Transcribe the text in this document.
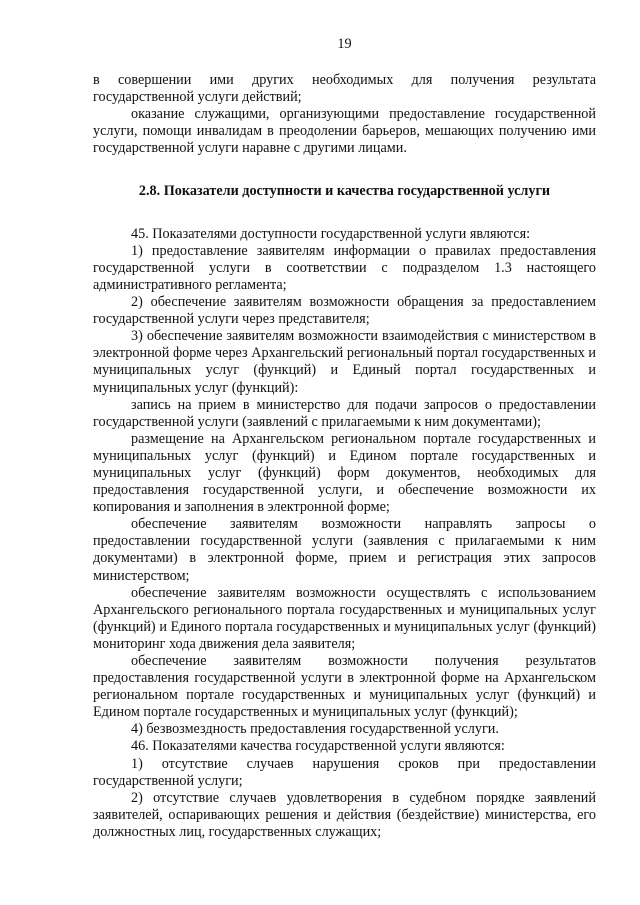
19

в совершении ими других необходимых для получения результата государственной услуги действий;

оказание служащими, организующими предоставление государственной услуги, помощи инвалидам в преодолении барьеров, мешающих получению ими государственной услуги наравне с другими лицами.

2.8. Показатели доступности и качества государственной услуги

45. Показателями доступности государственной услуги являются:

1) предоставление заявителям информации о правилах предоставления государственной услуги в соответствии с подразделом 1.3 настоящего административного регламента;

2) обеспечение заявителям возможности обращения за предоставлением государственной услуги через представителя;

3) обеспечение заявителям возможности взаимодействия с министерством в электронной форме через Архангельский региональный портал государственных и муниципальных услуг (функций) и Единый портал государственных и муниципальных услуг (функций):

запись на прием в министерство для подачи запросов о предоставлении государственной услуги (заявлений с прилагаемыми к ним документами);

размещение на Архангельском региональном портале государственных и муниципальных услуг (функций) и Едином портале государственных и муниципальных услуг (функций) форм документов, необходимых для предоставления государственной услуги, и обеспечение возможности их копирования и заполнения в электронной форме;

обеспечение заявителям возможности направлять запросы о предоставлении государственной услуги (заявления с прилагаемыми к ним документами) в электронной форме, прием и регистрация этих запросов министерством;

обеспечение заявителям возможности осуществлять с использованием Архангельского регионального портала государственных и муниципальных услуг (функций) и Единого портала государственных и муниципальных услуг (функций) мониторинг хода движения дела заявителя;

обеспечение заявителям возможности получения результатов предоставления государственной услуги в электронной форме на Архангельском региональном портале государственных и муниципальных услуг (функций) и Едином портале государственных и муниципальных услуг (функций);

4) безвозмездность предоставления государственной услуги.

46. Показателями качества государственной услуги являются:

1) отсутствие случаев нарушения сроков при предоставлении государственной услуги;

2) отсутствие случаев удовлетворения в судебном порядке заявлений заявителей, оспаривающих решения и действия (бездействие) министерства, его должностных лиц, государственных служащих;
